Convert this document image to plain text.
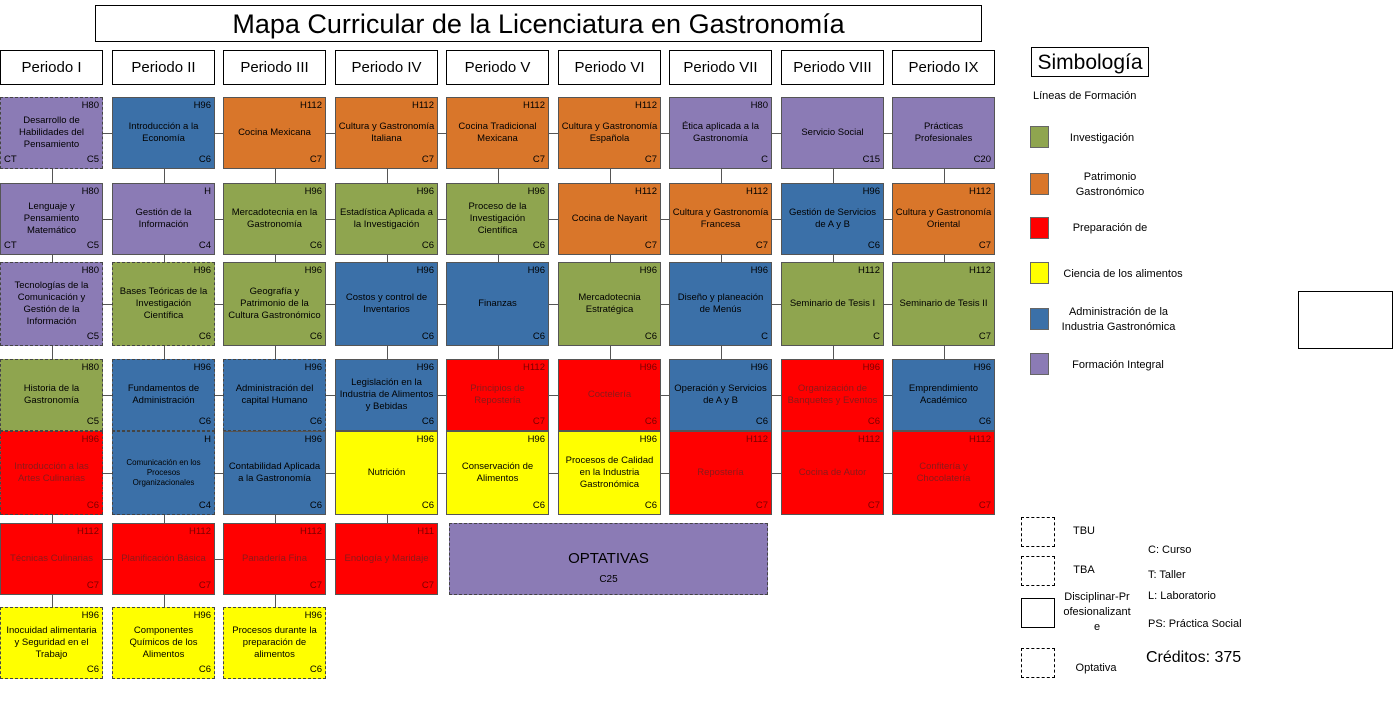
Mapa Curricular de la Licenciatura en Gastronomía
Periodo I	Periodo II	Periodo III	Periodo IV	Periodo V	Periodo VI	Periodo VII	Periodo VIII	Periodo IX
Desarrollo de Habilidades del Pensamiento
H80
C5
CT
Lenguaje y Pensamiento Matemático
H80
C5
CT
Tecnologías de la Comunicación y Gestión de la Información
H80
C5
Historia de la Gastronomía
H80
C5
Introducción a las Artes Culinarias
H96
C6
Técnicas Culinarias
H112
C7
Inocuidad alimentaria y Seguridad en el Trabajo
H96
C6
Introducción a la Economía
H96
C6
Gestión de la Información
H
C4
Bases Teóricas de la Investigación Científica
H96
C6
Fundamentos de Administración
H96
C6
Comunicación en los Procesos Organizacionales
H
C4
Planificación Básica
H112
C7
Componentes Químicos de los Alimentos
H96
C6
Cocina Mexicana
H112
C7
Mercadotecnia en la Gastronomía
H96
C6
Geografía y Patrimonio de la Cultura Gastronómico
H96
C6
Administración del capital Humano
H96
C6
Contabilidad Aplicada a la Gastronomía
H96
C6
Panadería Fina
H112
C7
Procesos durante la preparación de alimentos
H96
C6
Cultura y Gastronomía Italiana
H112
C7
Estadística Aplicada a la Investigación
H96
C6
Costos y control de Inventarios
H96
C6
Legislación en la Industria de Alimentos y Bebidas
H96
C6
Nutrición
H96
C6
Enología y Maridaje
H11
C7
Cocina Tradicional Mexicana
H112
C7
Proceso de la Investigación Científica
H96
C6
Finanzas
H96
C6
Principios de Repostería
H112
C7
Conservación de Alimentos
H96
C6
Cultura y Gastronomía Española
H112
C7
Cocina de Nayarit
H112
C7
Mercadotecnia Estratégica
H96
C6
Coctelería
H96
C6
Procesos de Calidad en la Industria Gastronómica
H96
C6
Ética aplicada a la Gastronomía
H80
C
Cultura y Gastronomía Francesa
H112
C7
Diseño y planeación de Menús
H96
C
Operación y Servicios de A y B
H96
C6
Repostería
H112
C7
Servicio Social
C15
Gestión de Servicios de A y B
H96
C6
Seminario de Tesis I
H112
C
Organización de Banquetes y Eventos
H96
C6
Cocina de Autor
H112
C7
Prácticas Profesionales
C20
Cultura y Gastronomía Oriental
H112
C7
Seminario de Tesis II
H112
C7
Emprendimiento Académico
H96
C6
Confitería y Chocolatería
H112
C7
OPTATIVAS
C25
Simbología
Líneas de Formación
Investigación
Patrimonio Gastronómico
Preparación de
Ciencia de los alimentos
Administración de la Industria Gastronómica
Formación Integral
TBU
TBA
Disciplinar-Profesionalizante
Optativa
C: Curso
T: Taller
L: Laboratorio
PS: Práctica Social
Créditos: 375
